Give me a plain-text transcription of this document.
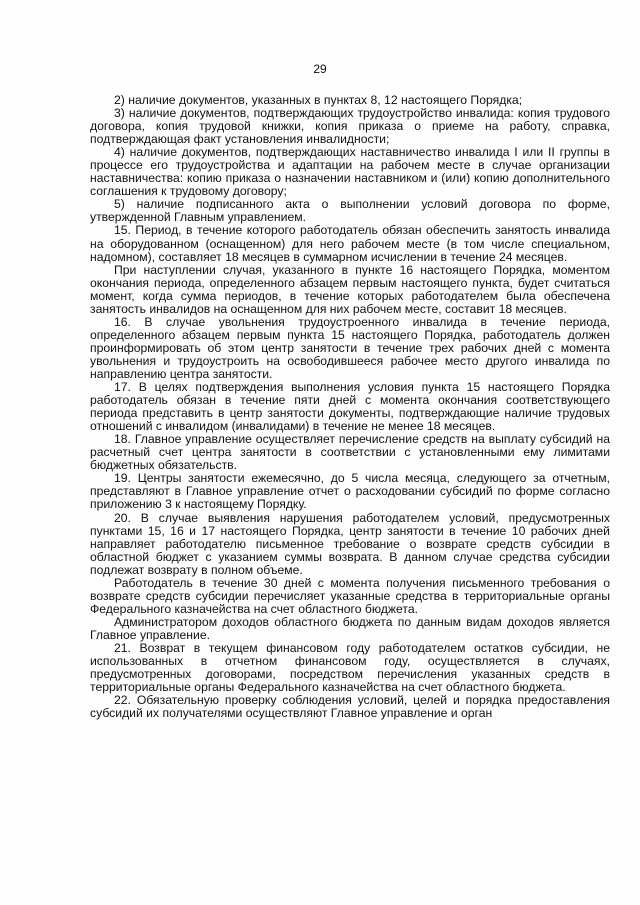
29

2) наличие документов, указанных в пунктах 8, 12 настоящего Порядка;

3) наличие документов, подтверждающих трудоустройство инвалида: копия трудового договора, копия трудовой книжки, копия приказа о приеме на работу, справка, подтверждающая факт установления инвалидности;

4) наличие документов, подтверждающих наставничество инвалида I или II группы в процессе его трудоустройства и адаптации на рабочем месте в случае организации наставничества: копию приказа о назначении наставником и (или) копию дополнительного соглашения к трудовому договору;

5) наличие подписанного акта о выполнении условий договора по форме, утвержденной Главным управлением.

15. Период, в течение которого работодатель обязан обеспечить занятость инвалида на оборудованном (оснащенном) для него рабочем месте (в том числе специальном, надомном), составляет 18 месяцев в суммарном исчислении в течение 24 месяцев.

При наступлении случая, указанного в пункте 16 настоящего Порядка, моментом окончания периода, определенного абзацем первым настоящего пункта, будет считаться момент, когда сумма периодов, в течение которых работодателем была обеспечена занятость инвалидов на оснащенном для них рабочем месте, составит 18 месяцев.

16. В случае увольнения трудоустроенного инвалида в течение периода, определенного абзацем первым пункта 15 настоящего Порядка, работодатель должен проинформировать об этом центр занятости в течение трех рабочих дней с момента увольнения и трудоустроить на освободившееся рабочее место другого инвалида по направлению центра занятости.

17. В целях подтверждения выполнения условия пункта 15 настоящего Порядка работодатель обязан в течение пяти дней с момента окончания соответствующего периода представить в центр занятости документы, подтверждающие наличие трудовых отношений с инвалидом (инвалидами) в течение не менее 18 месяцев.

18. Главное управление осуществляет перечисление средств на выплату субсидий на расчетный счет центра занятости в соответствии с установленными ему лимитами бюджетных обязательств.

19. Центры занятости ежемесячно, до 5 числа месяца, следующего за отчетным, представляют в Главное управление отчет о расходовании субсидий по форме согласно приложению 3 к настоящему Порядку.

20. В случае выявления нарушения работодателем условий, предусмотренных пунктами 15, 16 и 17 настоящего Порядка, центр занятости в течение 10 рабочих дней направляет работодателю письменное требование о возврате средств субсидии в областной бюджет с указанием суммы возврата. В данном случае средства субсидии подлежат возврату в полном объеме.

Работодатель в течение 30 дней с момента получения письменного требования о возврате средств субсидии перечисляет указанные средства в территориальные органы Федерального казначейства на счет областного бюджета.

Администратором доходов областного бюджета по данным видам доходов является Главное управление.

21. Возврат в текущем финансовом году работодателем остатков субсидии, не использованных в отчетном финансовом году, осуществляется в случаях, предусмотренных договорами, посредством перечисления указанных средств в территориальные органы Федерального казначейства на счет областного бюджета.

22. Обязательную проверку соблюдения условий, целей и порядка предоставления субсидий их получателями осуществляют Главное управление и орган
